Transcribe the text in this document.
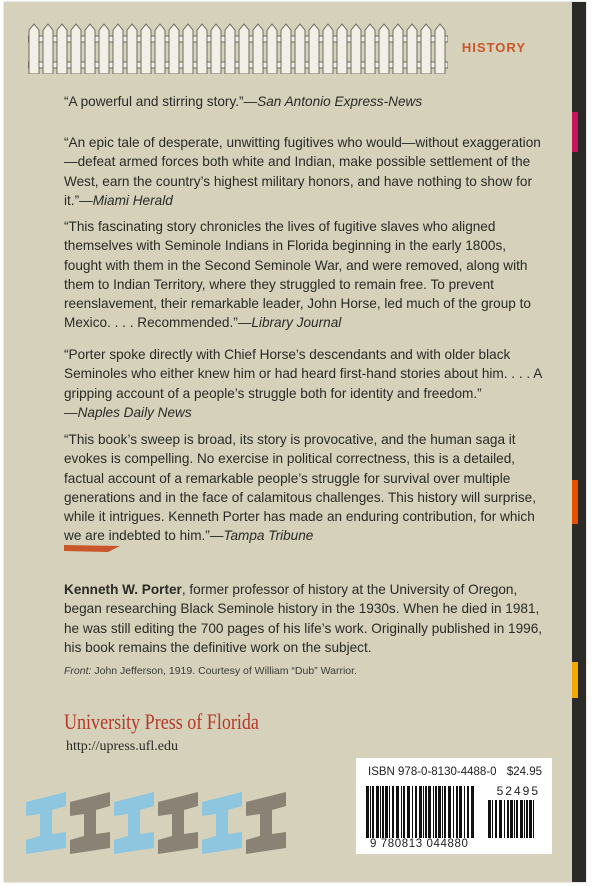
HISTORY
“A powerful and stirring story.”—San Antonio Express-News
“An epic tale of desperate, unwitting fugitives who would—without exaggeration—defeat armed forces both white and Indian, make possible settlement of the West, earn the country’s highest military honors, and have nothing to show for it.”—Miami Herald
“This fascinating story chronicles the lives of fugitive slaves who aligned themselves with Seminole Indians in Florida beginning in the early 1800s, fought with them in the Second Seminole War, and were removed, along with them to Indian Territory, where they struggled to remain free. To prevent reenslavement, their remarkable leader, John Horse, led much of the group to Mexico. . . . Recommended.”—Library Journal
“Porter spoke directly with Chief Horse’s descendants and with older black Seminoles who either knew him or had heard first-hand stories about him. . . . A gripping account of a people’s struggle both for identity and freedom.”
—Naples Daily News
“This book’s sweep is broad, its story is provocative, and the human saga it evokes is compelling. No exercise in political correctness, this is a detailed, factual account of a remarkable people’s struggle for survival over multiple generations and in the face of calamitous challenges. This history will surprise, while it intrigues. Kenneth Porter has made an enduring contribution, for which we are indebted to him.”—Tampa Tribune
Kenneth W. Porter, former professor of history at the University of Oregon, began researching Black Seminole history in the 1930s. When he died in 1981, he was still editing the 700 pages of his life’s work. Originally published in 1996, his book remains the definitive work on the subject.
Front: John Jefferson, 1919. Courtesy of William “Dub” Warrior.
University Press of Florida
http://upress.ufl.edu
ISBN 978-0-8130-4488-0 $24.95
52495
9 780813 044880
